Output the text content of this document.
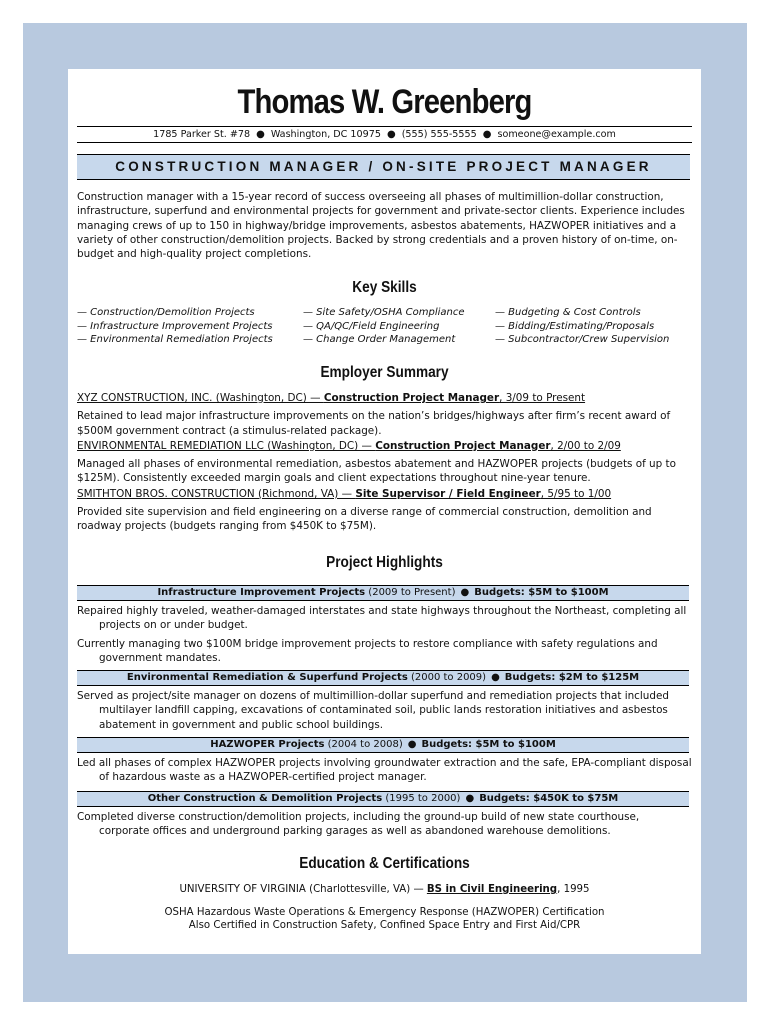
Thomas W. Greenberg
1785 Parker St. #78 ● Washington, DC 10975 ● (555) 555-5555 ● someone@example.com
CONSTRUCTION MANAGER / ON-SITE PROJECT MANAGER
Construction manager with a 15-year record of success overseeing all phases of multimillion-dollar construction, infrastructure, superfund and environmental projects for government and private-sector clients. Experience includes managing crews of up to 150 in highway/bridge improvements, asbestos abatements, HAZWOPER initiatives and a variety of other construction/demolition projects. Backed by strong credentials and a proven history of on-time, on-budget and high-quality project completions.
Key Skills
— Construction/Demolition Projects
— Infrastructure Improvement Projects
— Environmental Remediation Projects
— Site Safety/OSHA Compliance
— QA/QC/Field Engineering
— Change Order Management
— Budgeting & Cost Controls
— Bidding/Estimating/Proposals
— Subcontractor/Crew Supervision
Employer Summary
XYZ CONSTRUCTION, INC. (Washington, DC) — Construction Project Manager, 3/09 to Present
Retained to lead major infrastructure improvements on the nation’s bridges/highways after firm’s recent award of $500M government contract (a stimulus-related package).
ENVIRONMENTAL REMEDIATION LLC (Washington, DC) — Construction Project Manager, 2/00 to 2/09
Managed all phases of environmental remediation, asbestos abatement and HAZWOPER projects (budgets of up to $125M). Consistently exceeded margin goals and client expectations throughout nine-year tenure.
SMITHTON BROS. CONSTRUCTION (Richmond, VA) — Site Supervisor / Field Engineer, 5/95 to 1/00
Provided site supervision and field engineering on a diverse range of commercial construction, demolition and roadway projects (budgets ranging from $450K to $75M).
Project Highlights
Infrastructure Improvement Projects (2009 to Present) ● Budgets: $5M to $100M
Repaired highly traveled, weather-damaged interstates and state highways throughout the Northeast, completing all projects on or under budget.
Currently managing two $100M bridge improvement projects to restore compliance with safety regulations and government mandates.
Environmental Remediation & Superfund Projects (2000 to 2009) ● Budgets: $2M to $125M
Served as project/site manager on dozens of multimillion-dollar superfund and remediation projects that included multilayer landfill capping, excavations of contaminated soil, public lands restoration initiatives and asbestos abatement in government and public school buildings.
HAZWOPER Projects (2004 to 2008) ● Budgets: $5M to $100M
Led all phases of complex HAZWOPER projects involving groundwater extraction and the safe, EPA-compliant disposal of hazardous waste as a HAZWOPER-certified project manager.
Other Construction & Demolition Projects (1995 to 2000) ● Budgets: $450K to $75M
Completed diverse construction/demolition projects, including the ground-up build of new state courthouse, corporate offices and underground parking garages as well as abandoned warehouse demolitions.
Education & Certifications
UNIVERSITY OF VIRGINIA (Charlottesville, VA) — BS in Civil Engineering, 1995
OSHA Hazardous Waste Operations & Emergency Response (HAZWOPER) Certification
Also Certified in Construction Safety, Confined Space Entry and First Aid/CPR
